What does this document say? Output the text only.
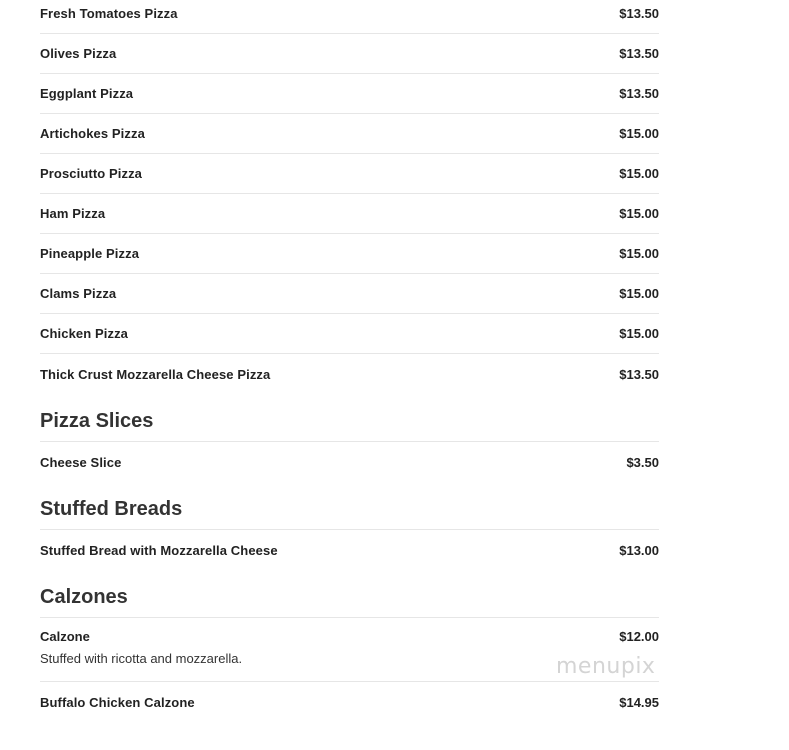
Fresh Tomatoes Pizza	$13.50
Olives Pizza	$13.50
Eggplant Pizza	$13.50
Artichokes Pizza	$15.00
Prosciutto Pizza	$15.00
Ham Pizza	$15.00
Pineapple Pizza	$15.00
Clams Pizza	$15.00
Chicken Pizza	$15.00
Thick Crust Mozzarella Cheese Pizza	$13.50
Pizza Slices
Cheese Slice	$3.50
Stuffed Breads
Stuffed Bread with Mozzarella Cheese	$13.00
Calzones
Calzone	$12.00
Stuffed with ricotta and mozzarella.
Buffalo Chicken Calzone	$14.95
menupix
